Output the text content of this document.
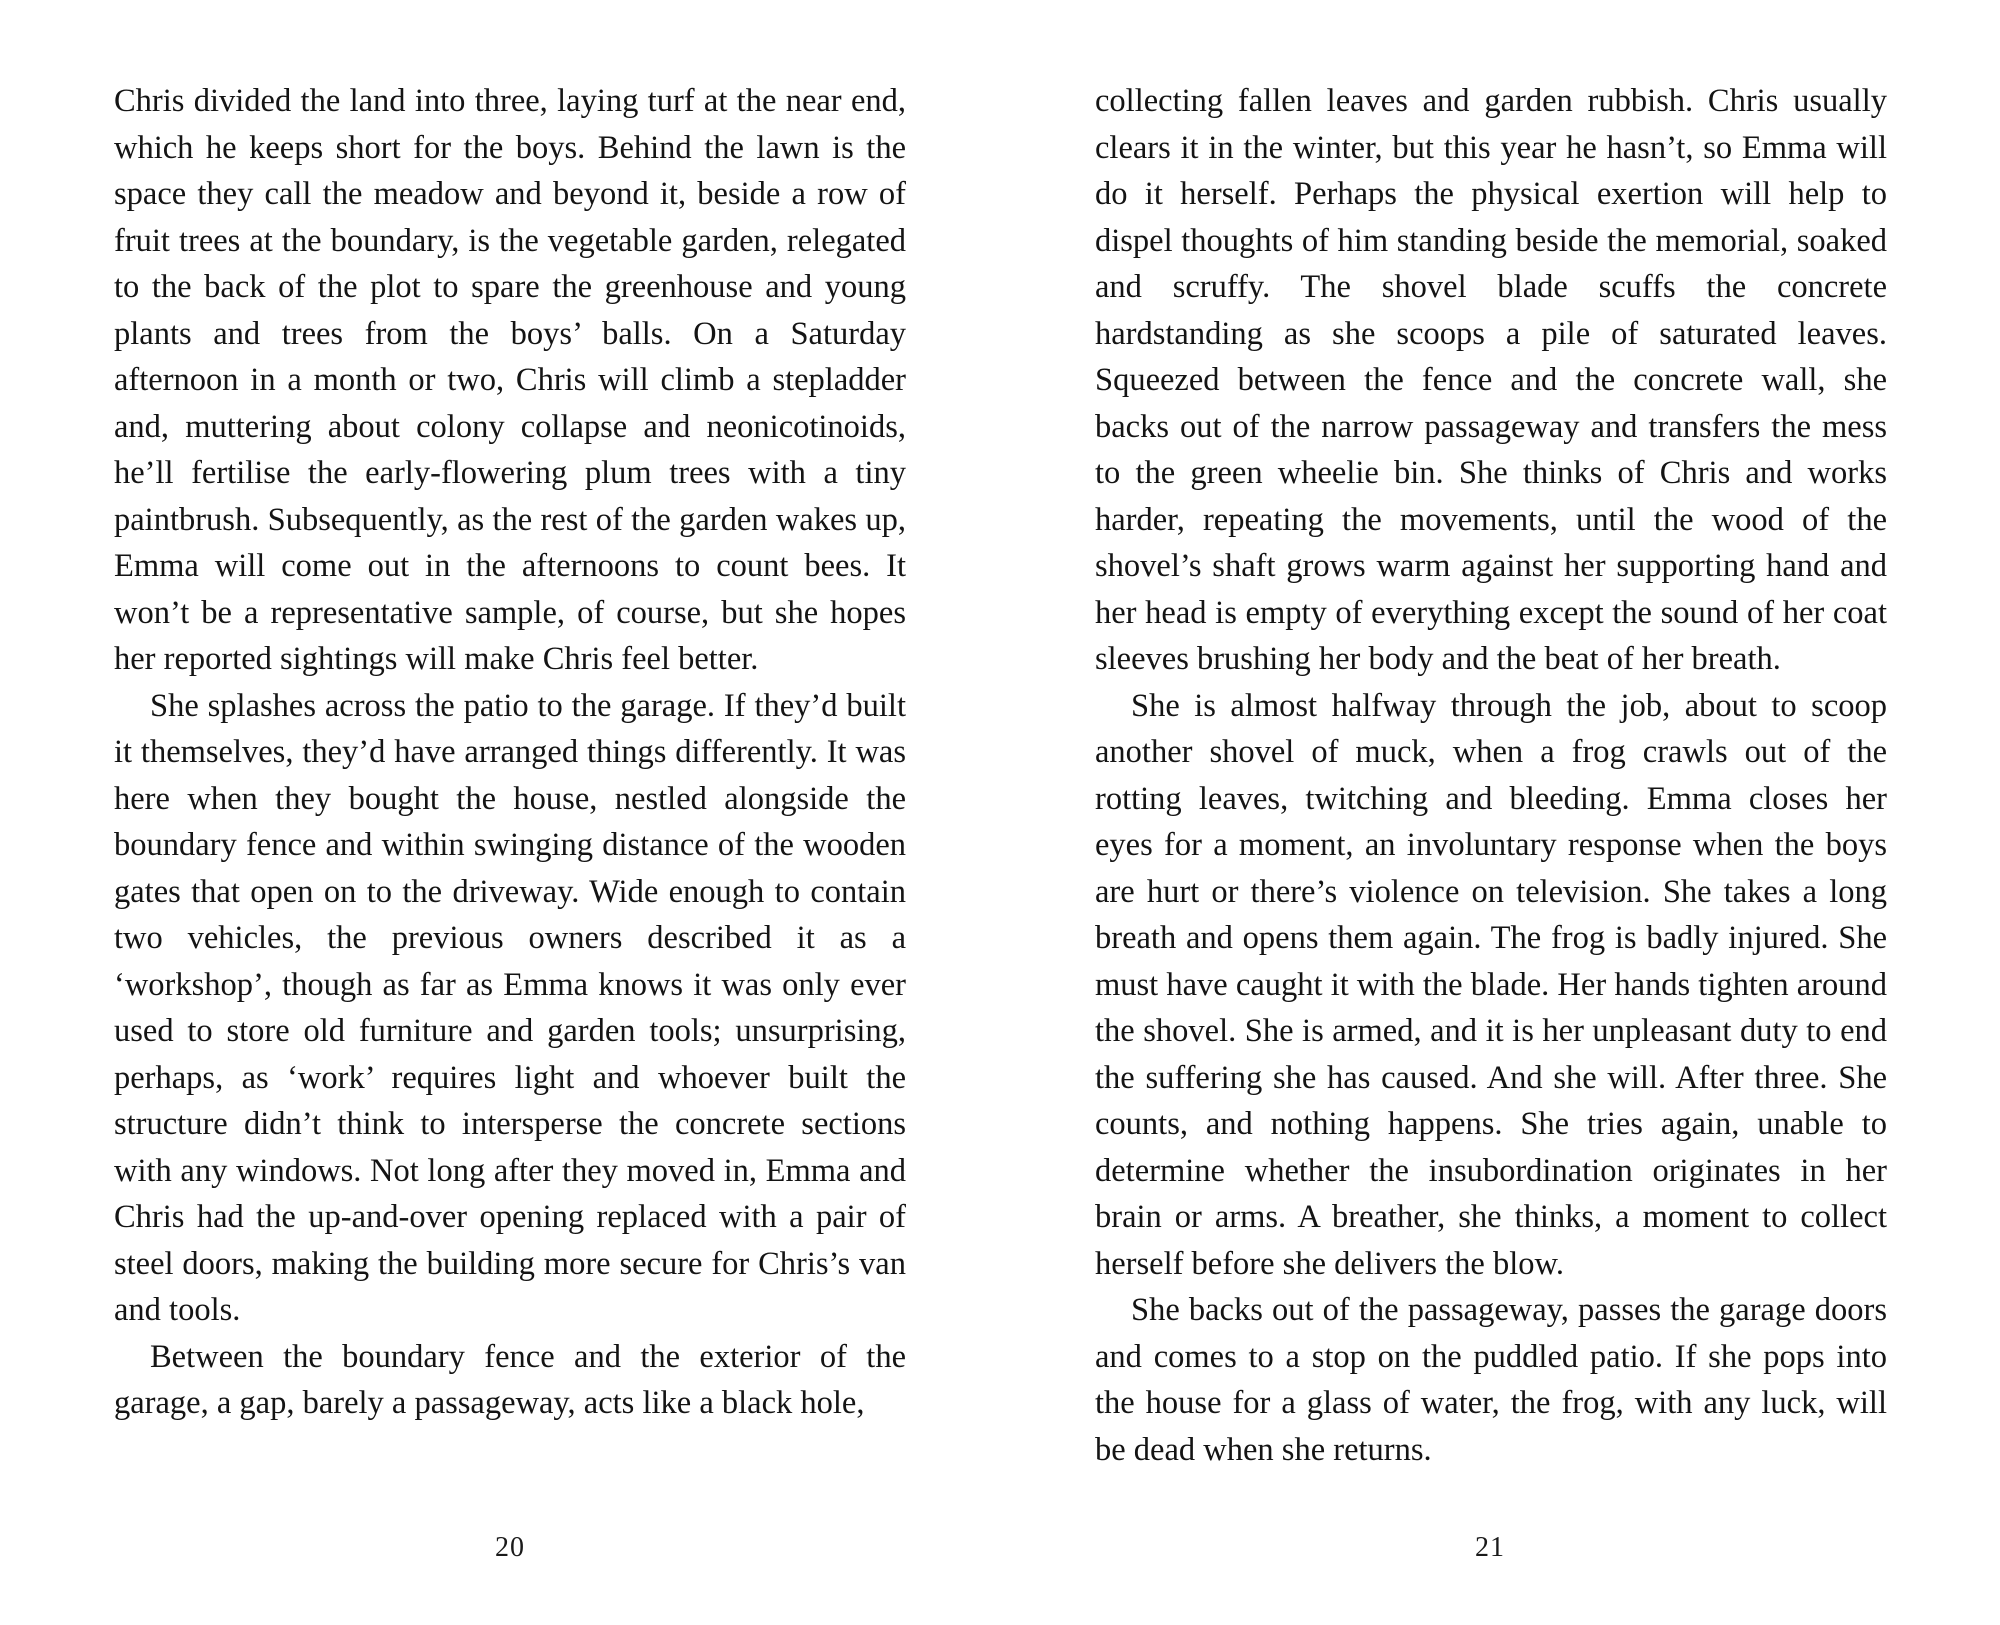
Chris divided the land into three, laying turf at the near end, which he keeps short for the boys. Behind the lawn is the space they call the meadow and beyond it, beside a row of fruit trees at the boundary, is the vegetable garden, relegated to the back of the plot to spare the greenhouse and young plants and trees from the boys’ balls. On a Saturday afternoon in a month or two, Chris will climb a stepladder and, muttering about colony collapse and neonicotinoids, he’ll fertilise the early-flowering plum trees with a tiny paintbrush. Subsequently, as the rest of the garden wakes up, Emma will come out in the afternoons to count bees. It won’t be a representative sample, of course, but she hopes her reported sightings will make Chris feel better.

She splashes across the patio to the garage. If they’d built it themselves, they’d have arranged things differently. It was here when they bought the house, nestled alongside the boundary fence and within swinging distance of the wooden gates that open on to the driveway. Wide enough to contain two vehicles, the previous owners described it as a ‘workshop’, though as far as Emma knows it was only ever used to store old furniture and garden tools; unsurprising, perhaps, as ‘work’ requires light and whoever built the structure didn’t think to intersperse the concrete sections with any windows. Not long after they moved in, Emma and Chris had the up-and-over opening replaced with a pair of steel doors, making the building more secure for Chris’s van and tools.

Between the boundary fence and the exterior of the garage, a gap, barely a passageway, acts like a black hole,

collecting fallen leaves and garden rubbish. Chris usually clears it in the winter, but this year he hasn’t, so Emma will do it herself. Perhaps the physical exertion will help to dispel thoughts of him standing beside the memorial, soaked and scruffy. The shovel blade scuffs the concrete hardstanding as she scoops a pile of saturated leaves. Squeezed between the fence and the concrete wall, she backs out of the narrow passageway and transfers the mess to the green wheelie bin. She thinks of Chris and works harder, repeating the movements, until the wood of the shovel’s shaft grows warm against her supporting hand and her head is empty of everything except the sound of her coat sleeves brushing her body and the beat of her breath.

She is almost halfway through the job, about to scoop another shovel of muck, when a frog crawls out of the rotting leaves, twitching and bleeding. Emma closes her eyes for a moment, an involuntary response when the boys are hurt or there’s violence on television. She takes a long breath and opens them again. The frog is badly injured. She must have caught it with the blade. Her hands tighten around the shovel. She is armed, and it is her unpleasant duty to end the suffering she has caused. And she will. After three. She counts, and nothing happens. She tries again, unable to determine whether the insubordination originates in her brain or arms. A breather, she thinks, a moment to collect herself before she delivers the blow.

She backs out of the passageway, passes the garage doors and comes to a stop on the puddled patio. If she pops into the house for a glass of water, the frog, with any luck, will be dead when she returns.

20	21
